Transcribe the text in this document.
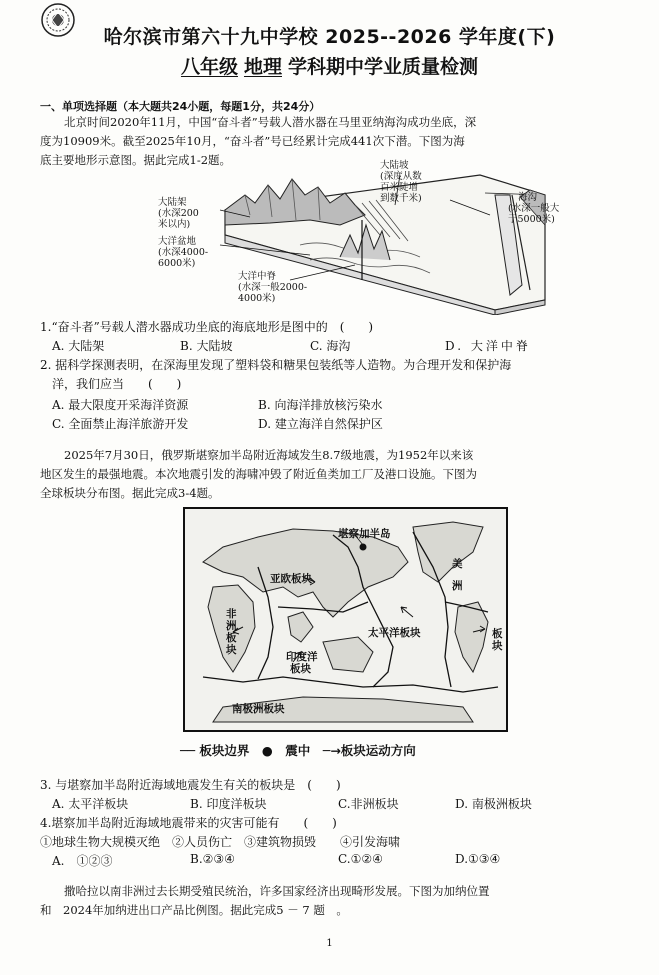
哈尔滨市第六十九中学校 2025--2026 学年度(下)
八年级 地理 学科期中学业质量检测
一、单项选择题（本大题共24小题，每题1分，共24分）
北京时间2020年11月，中国“奋斗者”号载人潜水器在马里亚纳海沟成功坐底，深
度为10909米。截至2025年10月，“奋斗者”号已经累计完成441次下潜。下图为海
底主要地形示意图。据此完成1-2题。	大陆坡
(深度从数
百米陡增
到数千米)	海沟
(水深一般大
于5000米)
大陆架
(水深200
米以内)
大洋盆地
(水深4000-
6000米)
大洋中脊
(水深一般2000-
4000米)
1.“奋斗者”号载人潜水器成功坐底的海底地形是图中的　(　　)
A. 大陆架	B. 大陆坡	C. 海沟	D. 大洋中脊
2. 据科学探测表明，在深海里发现了塑料袋和糖果包装纸等人造物。为合理开发和保护海
洋，我们应当　　(　　)
A. 最大限度开采海洋资源	B. 向海洋排放核污染水
C. 全面禁止海洋旅游开发	D. 建立海洋自然保护区
2025年7月30日，俄罗斯堪察加半岛附近海域发生8.7级地震，为1952年以来该
地区发生的最强地震。本次地震引发的海啸冲毁了附近鱼类加工厂及港口设施。下图为
全球板块分布图。据此完成3-4题。
堪察加半岛
亚欧板块
美
洲
非
洲
板
块
太平洋板块
印度洋
板块
南极洲板块
板
块
── 板块边界　●　震中　─→板块运动方向
3. 与堪察加半岛附近海域地震发生有关的板块是　(　　)
A. 太平洋板块	B. 印度洋板块	C.非洲板块	D. 南极洲板块
4.堪察加半岛附近海域地震带来的灾害可能有　　(　　)
①地球生物大规模灭绝　②人员伤亡　③建筑物损毁　　④引发海啸
A.　①②③	B.②③④	C.①②④	D.①③④
撒哈拉以南非洲过去长期受殖民统治，许多国家经济出现畸形发展。下图为加纳位置
和　2024年加纳进出口产品比例图。据此完成5 － 7 题　。
1
